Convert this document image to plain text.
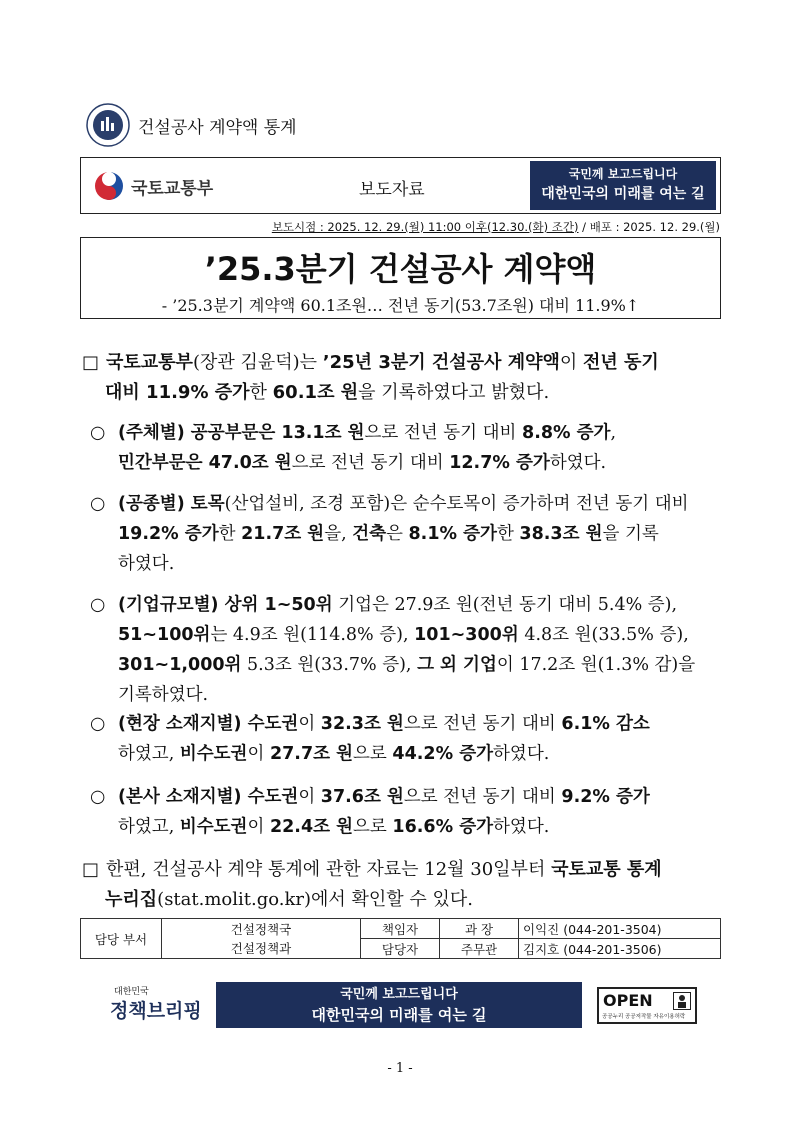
건설공사 계약액 통계
국토교통부	보도자료
국민께 보고드립니다
대한민국의 미래를 여는 길
보도시점 : 2025. 12. 29.(월) 11:00 이후(12.30.(화) 조간) / 배포 : 2025. 12. 29.(월)
’25.3분기 건설공사 계약액
- ’25.3분기 계약액 60.1조원… 전년 동기(53.7조원) 대비 11.9%↑
□ 국토교통부(장관 김윤덕)는 ’25년 3분기 건설공사 계약액이 전년 동기
대비 11.9% 증가한 60.1조 원을 기록하였다고 밝혔다.
○ (주체별) 공공부문은 13.1조 원으로 전년 동기 대비 8.8% 증가,
민간부문은 47.0조 원으로 전년 동기 대비 12.7% 증가하였다.
○ (공종별) 토목(산업설비, 조경 포함)은 순수토목이 증가하며 전년 동기 대비
19.2% 증가한 21.7조 원을, 건축은 8.1% 증가한 38.3조 원을 기록
하였다.
○ (기업규모별) 상위 1~50위 기업은 27.9조 원(전년 동기 대비 5.4% 증),
51~100위는 4.9조 원(114.8% 증), 101~300위 4.8조 원(33.5% 증),
301~1,000위 5.3조 원(33.7% 증), 그 외 기업이 17.2조 원(1.3% 감)을
기록하였다.
○ (현장 소재지별) 수도권이 32.3조 원으로 전년 동기 대비 6.1% 감소
하였고, 비수도권이 27.7조 원으로 44.2% 증가하였다.
○ (본사 소재지별) 수도권이 37.6조 원으로 전년 동기 대비 9.2% 증가
하였고, 비수도권이 22.4조 원으로 16.6% 증가하였다.
□ 한편, 건설공사 계약 통계에 관한 자료는 12월 30일부터 국토교통 통계
누리집(stat.molit.go.kr)에서 확인할 수 있다.
담당 부서	건설정책국	책임자	과 장	이익진 (044-201-3504)
	건설정책과	담당자	주무관	김지호 (044-201-3506)
대한민국
정책브리핑
국민께 보고드립니다
대한민국의 미래를 여는 길
OPEN
공공누리 공공저작물 자유이용허락
- 1 -
